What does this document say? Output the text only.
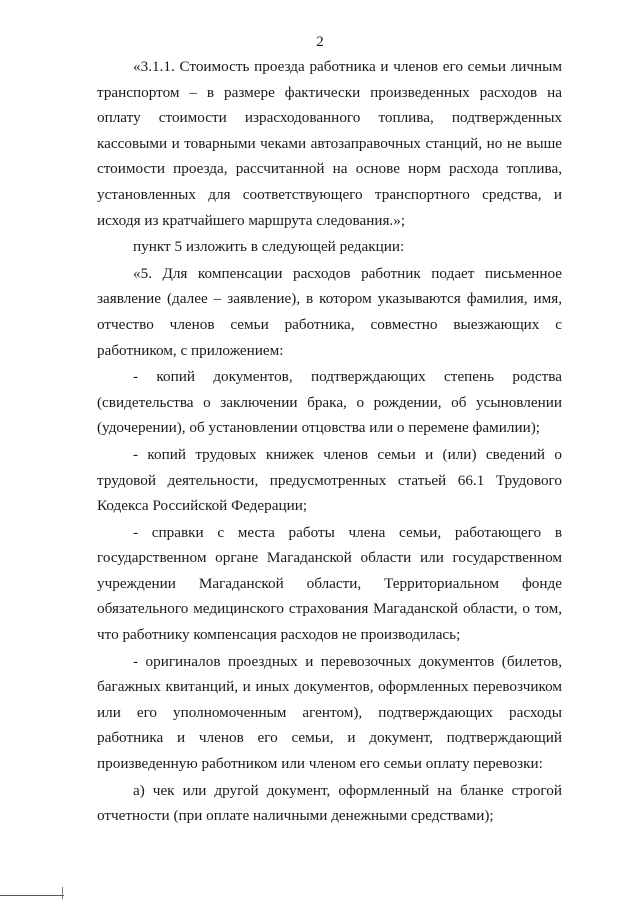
2

«3.1.1. Стоимость проезда работника и членов его семьи личным транспортом – в размере фактически произведенных расходов на оплату стоимости израсходованного топлива, подтвержденных кассовыми и товарными чеками автозаправочных станций, но не выше стоимости проезда, рассчитанной на основе норм расхода топлива, установленных для соответствующего транспортного средства, и исходя из кратчайшего маршрута следования.»;

пункт 5 изложить в следующей редакции:

«5. Для компенсации расходов работник подает письменное заявление (далее – заявление), в котором указываются фамилия, имя, отчество членов семьи работника, совместно выезжающих с работником, с приложением:

- копий документов, подтверждающих степень родства (свидетельства о заключении брака, о рождении, об усыновлении (удочерении), об установлении отцовства или о перемене фамилии);

- копий трудовых книжек членов семьи и (или) сведений о трудовой деятельности, предусмотренных статьей 66.1 Трудового Кодекса Российской Федерации;

- справки с места работы члена семьи, работающего в государственном органе Магаданской области или государственном учреждении Магаданской области, Территориальном фонде обязательного медицинского страхования Магаданской области, о том, что работнику компенсация расходов не производилась;

- оригиналов проездных и перевозочных документов (билетов, багажных квитанций, и иных документов, оформленных перевозчиком или его уполномоченным агентом), подтверждающих расходы работника и членов его семьи, и документ, подтверждающий произведенную работником или членом его семьи оплату перевозки:

а) чек или другой документ, оформленный на бланке строгой отчетности (при оплате наличными денежными средствами);
